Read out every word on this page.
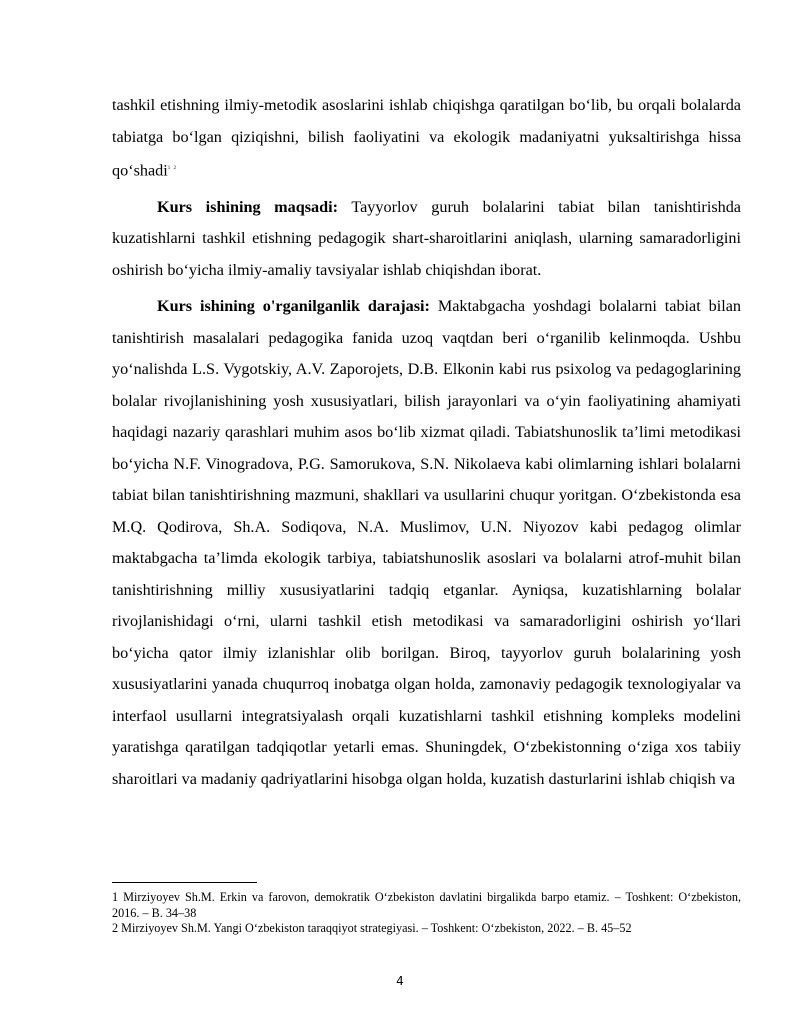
tashkil etishning ilmiy-metodik asoslarini ishlab chiqishga qaratilgan bo‘lib, bu orqali bolalarda tabiatga bo‘lgan qiziqishni, bilish faoliyatini va ekologik madaniyatni yuksaltirishga hissa qo‘shadi$^{1 2}$

Kurs ishining maqsadi: Tayyorlov guruh bolalarini tabiat bilan tanishtirishda kuzatishlarni tashkil etishning pedagogik shart-sharoitlarini aniqlash, ularning samaradorligini oshirish bo‘yicha ilmiy-amaliy tavsiyalar ishlab chiqishdan iborat.

Kurs ishining o'rganilganlik darajasi: Maktabgacha yoshdagi bolalarni tabiat bilan tanishtirish masalalari pedagogika fanida uzoq vaqtdan beri o‘rganilib kelinmoqda. Ushbu yo‘nalishda L.S. Vygotskiy, A.V. Zaporojets, D.B. Elkonin kabi rus psixolog va pedagoglarining bolalar rivojlanishining yosh xususiyatlari, bilish jarayonlari va o‘yin faoliyatining ahamiyati haqidagi nazariy qarashlari muhim asos bo‘lib xizmat qiladi. Tabiatshunoslik ta’limi metodikasi bo‘yicha N.F. Vinogradova, P.G. Samorukova, S.N. Nikolaeva kabi olimlarning ishlari bolalarni tabiat bilan tanishtirishning mazmuni, shakllari va usullarini chuqur yoritgan. O‘zbekistonda esa M.Q. Qodirova, Sh.A. Sodiqova, N.A. Muslimov, U.N. Niyozov kabi pedagog olimlar maktabgacha ta’limda ekologik tarbiya, tabiatshunoslik asoslari va bolalarni atrof-muhit bilan tanishtirishning milliy xususiyatlarini tadqiq etganlar. Ayniqsa, kuzatishlarning bolalar rivojlanishidagi o‘rni, ularni tashkil etish metodikasi va samaradorligini oshirish yo‘llari bo‘yicha qator ilmiy izlanishlar olib borilgan. Biroq, tayyorlov guruh bolalarining yosh xususiyatlarini yanada chuqurroq inobatga olgan holda, zamonaviy pedagogik texnologiyalar va interfaol usullarni integratsiyalash orqali kuzatishlarni tashkil etishning kompleks modelini yaratishga qaratilgan tadqiqotlar yetarli emas. Shuningdek, O‘zbekistonning o‘ziga xos tabiiy sharoitlari va madaniy qadriyatlarini hisobga olgan holda, kuzatish dasturlarini ishlab chiqish va

1 Mirziyoyev Sh.M. Erkin va farovon, demokratik O‘zbekiston davlatini birgalikda barpo etamiz. – Toshkent: O‘zbekiston, 2016. – B. 34–38

2 Mirziyoyev Sh.M. Yangi O‘zbekiston taraqqiyot strategiyasi. – Toshkent: O‘zbekiston, 2022. – B. 45–52

4
